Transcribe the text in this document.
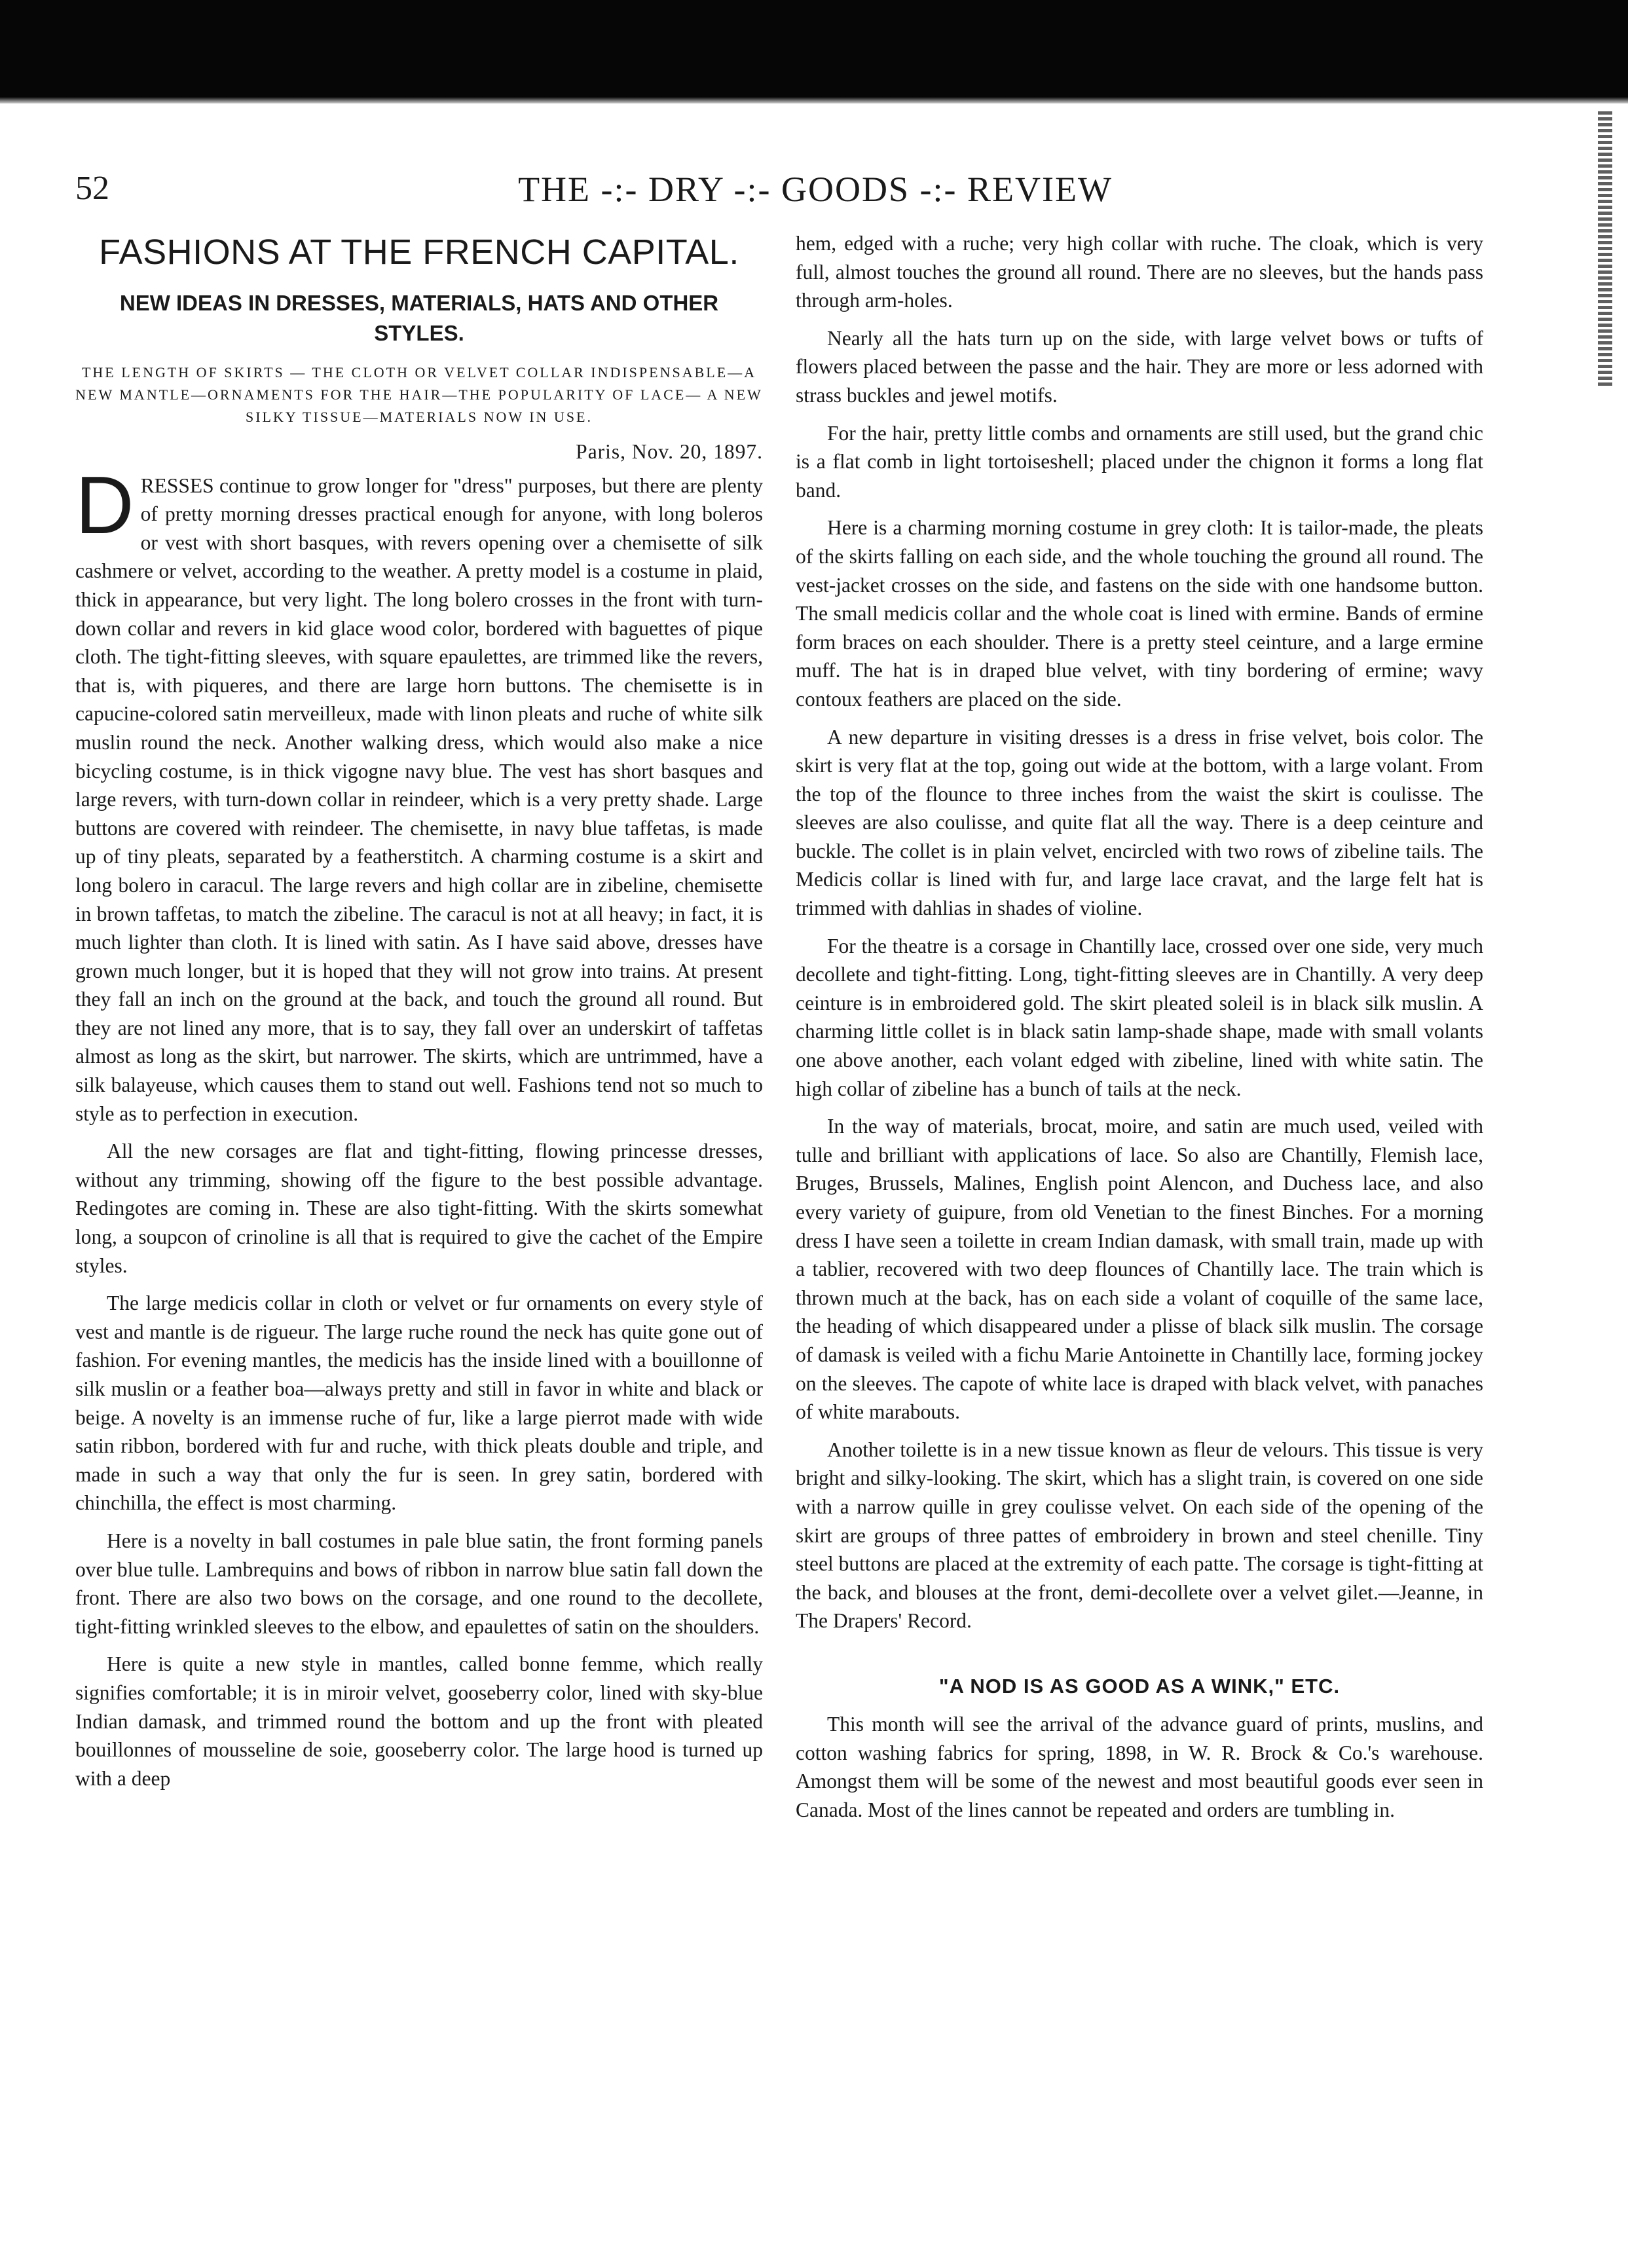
52	THE -:- DRY -:- GOODS -:- REVIEW
FASHIONS AT THE FRENCH CAPITAL.
NEW IDEAS IN DRESSES, MATERIALS, HATS AND OTHER STYLES.
THE LENGTH OF SKIRTS — THE CLOTH OR VELVET COLLAR INDISPENSABLE—A NEW MANTLE—ORNAMENTS FOR THE HAIR—THE POPULARITY OF LACE— A NEW SILKY TISSUE—MATERIALS NOW IN USE.
Paris, Nov. 20, 1897.

DRESSES continue to grow longer for "dress" purposes, but there are plenty of pretty morning dresses practical enough for anyone, with long boleros or vest with short basques, with revers opening over a chemisette of silk cashmere or velvet, according to the weather. A pretty model is a costume in plaid, thick in appearance, but very light. The long bolero crosses in the front with turn-down collar and revers in kid glace wood color, bordered with baguettes of pique cloth. The tight-fitting sleeves, with square epaulettes, are trimmed like the revers, that is, with piqueres, and there are large horn buttons. The chemisette is in capucine-colored satin merveilleux, made with linon pleats and ruche of white silk muslin round the neck. Another walking dress, which would also make a nice bicycling costume, is in thick vigogne navy blue. The vest has short basques and large revers, with turn-down collar in reindeer, which is a very pretty shade. Large buttons are covered with reindeer. The chemisette, in navy blue taffetas, is made up of tiny pleats, separated by a featherstitch. A charming costume is a skirt and long bolero in caracul. The large revers and high collar are in zibeline, chemisette in brown taffetas, to match the zibeline. The caracul is not at all heavy; in fact, it is much lighter than cloth. It is lined with satin. As I have said above, dresses have grown much longer, but it is hoped that they will not grow into trains. At present they fall an inch on the ground at the back, and touch the ground all round. But they are not lined any more, that is to say, they fall over an underskirt of taffetas almost as long as the skirt, but narrower. The skirts, which are untrimmed, have a silk balayeuse, which causes them to stand out well. Fashions tend not so much to style as to perfection in execution.

All the new corsages are flat and tight-fitting, flowing princesse dresses, without any trimming, showing off the figure to the best possible advantage. Redingotes are coming in. These are also tight-fitting. With the skirts somewhat long, a soupcon of crinoline is all that is required to give the cachet of the Empire styles.

The large medicis collar in cloth or velvet or fur ornaments on every style of vest and mantle is de rigueur. The large ruche round the neck has quite gone out of fashion. For evening mantles, the medicis has the inside lined with a bouillonne of silk muslin or a feather boa—always pretty and still in favor in white and black or beige. A novelty is an immense ruche of fur, like a large pierrot made with wide satin ribbon, bordered with fur and ruche, with thick pleats double and triple, and made in such a way that only the fur is seen. In grey satin, bordered with chinchilla, the effect is most charming.

Here is a novelty in ball costumes in pale blue satin, the front forming panels over blue tulle. Lambrequins and bows of ribbon in narrow blue satin fall down the front. There are also two bows on the corsage, and one round to the decollete, tight-fitting wrinkled sleeves to the elbow, and epaulettes of satin on the shoulders.

Here is quite a new style in mantles, called bonne femme, which really signifies comfortable; it is in miroir velvet, gooseberry color, lined with sky-blue Indian damask, and trimmed round the bottom and up the front with pleated bouillonnes of mousseline de soie, gooseberry color. The large hood is turned up with a deep

hem, edged with a ruche; very high collar with ruche. The cloak, which is very full, almost touches the ground all round. There are no sleeves, but the hands pass through arm-holes.

Nearly all the hats turn up on the side, with large velvet bows or tufts of flowers placed between the passe and the hair. They are more or less adorned with strass buckles and jewel motifs.

For the hair, pretty little combs and ornaments are still used, but the grand chic is a flat comb in light tortoiseshell; placed under the chignon it forms a long flat band.

Here is a charming morning costume in grey cloth: It is tailor-made, the pleats of the skirts falling on each side, and the whole touching the ground all round. The vest-jacket crosses on the side, and fastens on the side with one handsome button. The small medicis collar and the whole coat is lined with ermine. Bands of ermine form braces on each shoulder. There is a pretty steel ceinture, and a large ermine muff. The hat is in draped blue velvet, with tiny bordering of ermine; wavy contoux feathers are placed on the side.

A new departure in visiting dresses is a dress in frise velvet, bois color. The skirt is very flat at the top, going out wide at the bottom, with a large volant. From the top of the flounce to three inches from the waist the skirt is coulisse. The sleeves are also coulisse, and quite flat all the way. There is a deep ceinture and buckle. The collet is in plain velvet, encircled with two rows of zibeline tails. The Medicis collar is lined with fur, and large lace cravat, and the large felt hat is trimmed with dahlias in shades of violine.

For the theatre is a corsage in Chantilly lace, crossed over one side, very much decollete and tight-fitting. Long, tight-fitting sleeves are in Chantilly. A very deep ceinture is in embroidered gold. The skirt pleated soleil is in black silk muslin. A charming little collet is in black satin lamp-shade shape, made with small volants one above another, each volant edged with zibeline, lined with white satin. The high collar of zibeline has a bunch of tails at the neck.

In the way of materials, brocat, moire, and satin are much used, veiled with tulle and brilliant with applications of lace. So also are Chantilly, Flemish lace, Bruges, Brussels, Malines, English point Alencon, and Duchess lace, and also every variety of guipure, from old Venetian to the finest Binches. For a morning dress I have seen a toilette in cream Indian damask, with small train, made up with a tablier, recovered with two deep flounces of Chantilly lace. The train which is thrown much at the back, has on each side a volant of coquille of the same lace, the heading of which disappeared under a plisse of black silk muslin. The corsage of damask is veiled with a fichu Marie Antoinette in Chantilly lace, forming jockey on the sleeves. The capote of white lace is draped with black velvet, with panaches of white marabouts.

Another toilette is in a new tissue known as fleur de velours. This tissue is very bright and silky-looking. The skirt, which has a slight train, is covered on one side with a narrow quille in grey coulisse velvet. On each side of the opening of the skirt are groups of three pattes of embroidery in brown and steel chenille. Tiny steel buttons are placed at the extremity of each patte. The corsage is tight-fitting at the back, and blouses at the front, demi-decollete over a velvet gilet.—Jeanne, in The Drapers' Record.

"A NOD IS AS GOOD AS A WINK," ETC.

This month will see the arrival of the advance guard of prints, muslins, and cotton washing fabrics for spring, 1898, in W. R. Brock & Co.'s warehouse. Amongst them will be some of the newest and most beautiful goods ever seen in Canada. Most of the lines cannot be repeated and orders are tumbling in.
